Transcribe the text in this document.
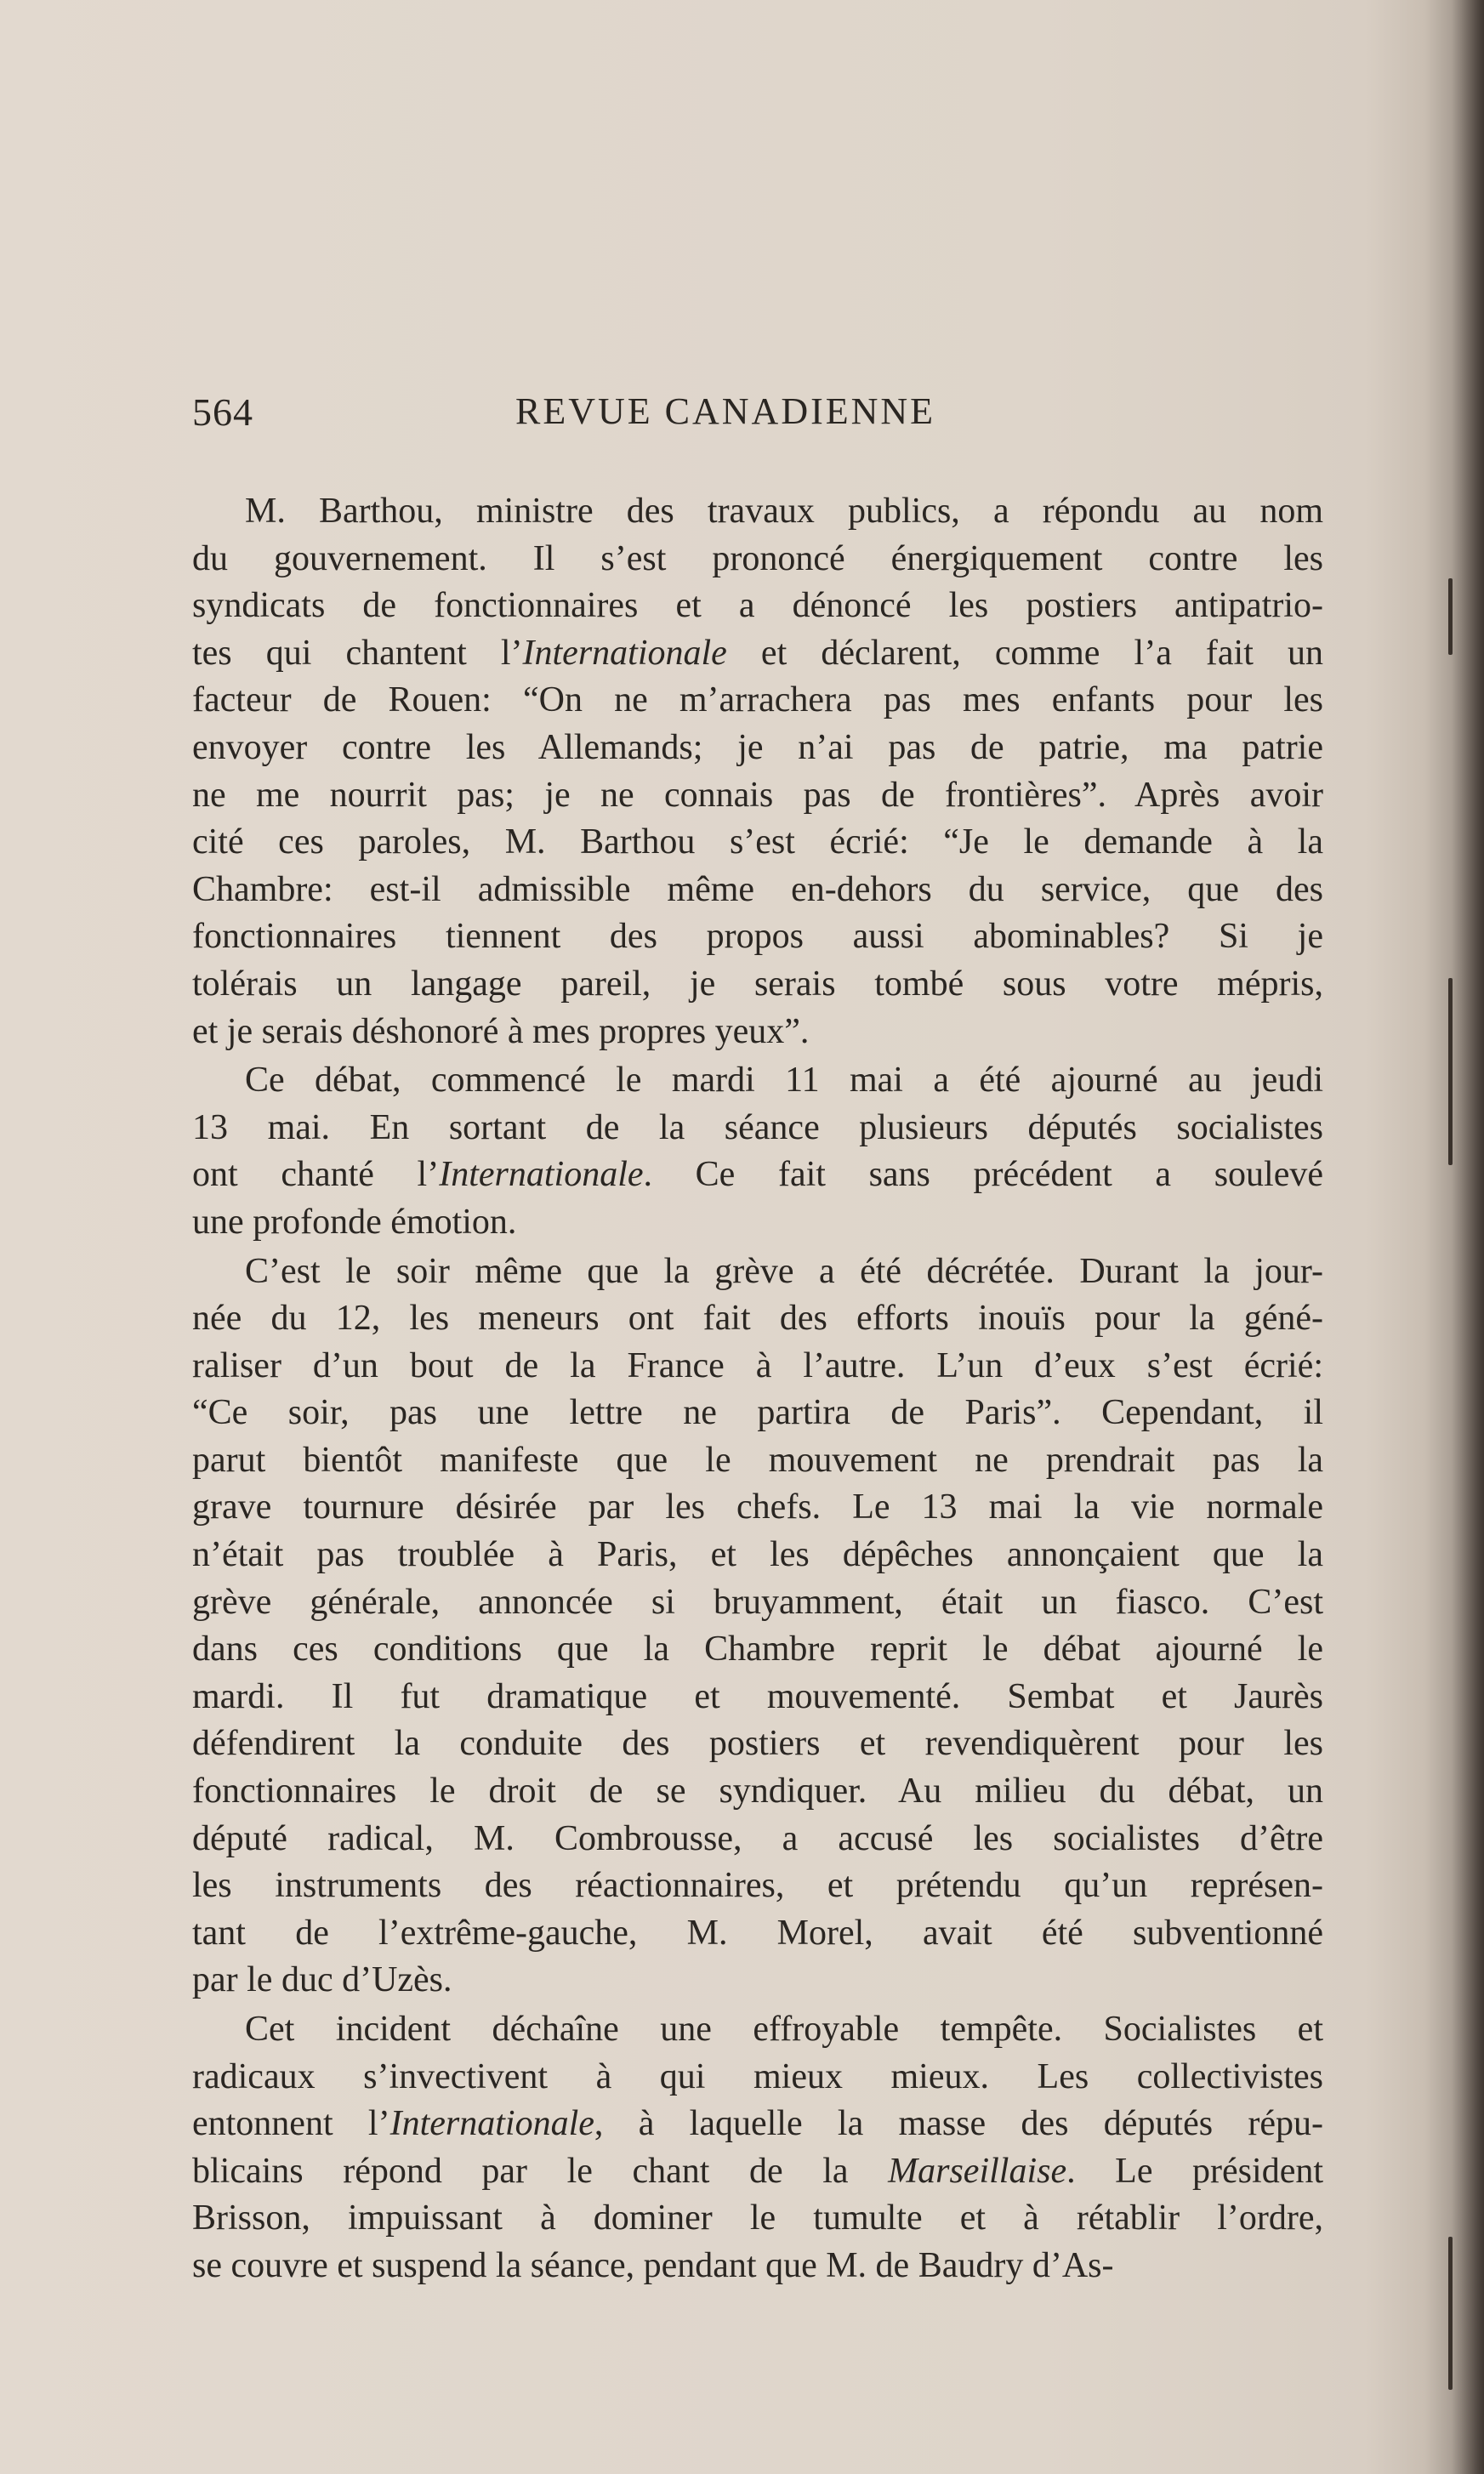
564	REVUE CANADIENNE
M. Barthou, ministre des travaux publics, a répondu au nom
du gouvernement. Il s’est prononcé énergiquement contre les
syndicats de fonctionnaires et a dénoncé les postiers antipatrio-
tes qui chantent l’Internationale et déclarent, comme l’a fait un
facteur de Rouen: “On ne m’arrachera pas mes enfants pour les
envoyer contre les Allemands; je n’ai pas de patrie, ma patrie
ne me nourrit pas; je ne connais pas de frontières”. Après avoir
cité ces paroles, M. Barthou s’est écrié: “Je le demande à la
Chambre: est-il admissible même en-dehors du service, que des
fonctionnaires tiennent des propos aussi abominables? Si je
tolérais un langage pareil, je serais tombé sous votre mépris,
et je serais déshonoré à mes propres yeux”.
Ce débat, commencé le mardi 11 mai a été ajourné au jeudi
13 mai. En sortant de la séance plusieurs députés socialistes
ont chanté l’Internationale. Ce fait sans précédent a soulevé
une profonde émotion.
C’est le soir même que la grève a été décrétée. Durant la jour-
née du 12, les meneurs ont fait des efforts inouïs pour la géné-
raliser d’un bout de la France à l’autre. L’un d’eux s’est écrié:
“Ce soir, pas une lettre ne partira de Paris”. Cependant, il
parut bientôt manifeste que le mouvement ne prendrait pas la
grave tournure désirée par les chefs. Le 13 mai la vie normale
n’était pas troublée à Paris, et les dépêches annonçaient que la
grève générale, annoncée si bruyamment, était un fiasco. C’est
dans ces conditions que la Chambre reprit le débat ajourné le
mardi. Il fut dramatique et mouvementé. Sembat et Jaurès
défendirent la conduite des postiers et revendiquèrent pour les
fonctionnaires le droit de se syndiquer. Au milieu du débat, un
député radical, M. Combrousse, a accusé les socialistes d’être
les instruments des réactionnaires, et prétendu qu’un représen-
tant de l’extrême-gauche, M. Morel, avait été subventionné
par le duc d’Uzès.
Cet incident déchaîne une effroyable tempête. Socialistes et
radicaux s’invectivent à qui mieux mieux. Les collectivistes
entonnent l’Internationale, à laquelle la masse des députés répu-
blicains répond par le chant de la Marseillaise. Le président
Brisson, impuissant à dominer le tumulte et à rétablir l’ordre,
se couvre et suspend la séance, pendant que M. de Baudry d’As-
